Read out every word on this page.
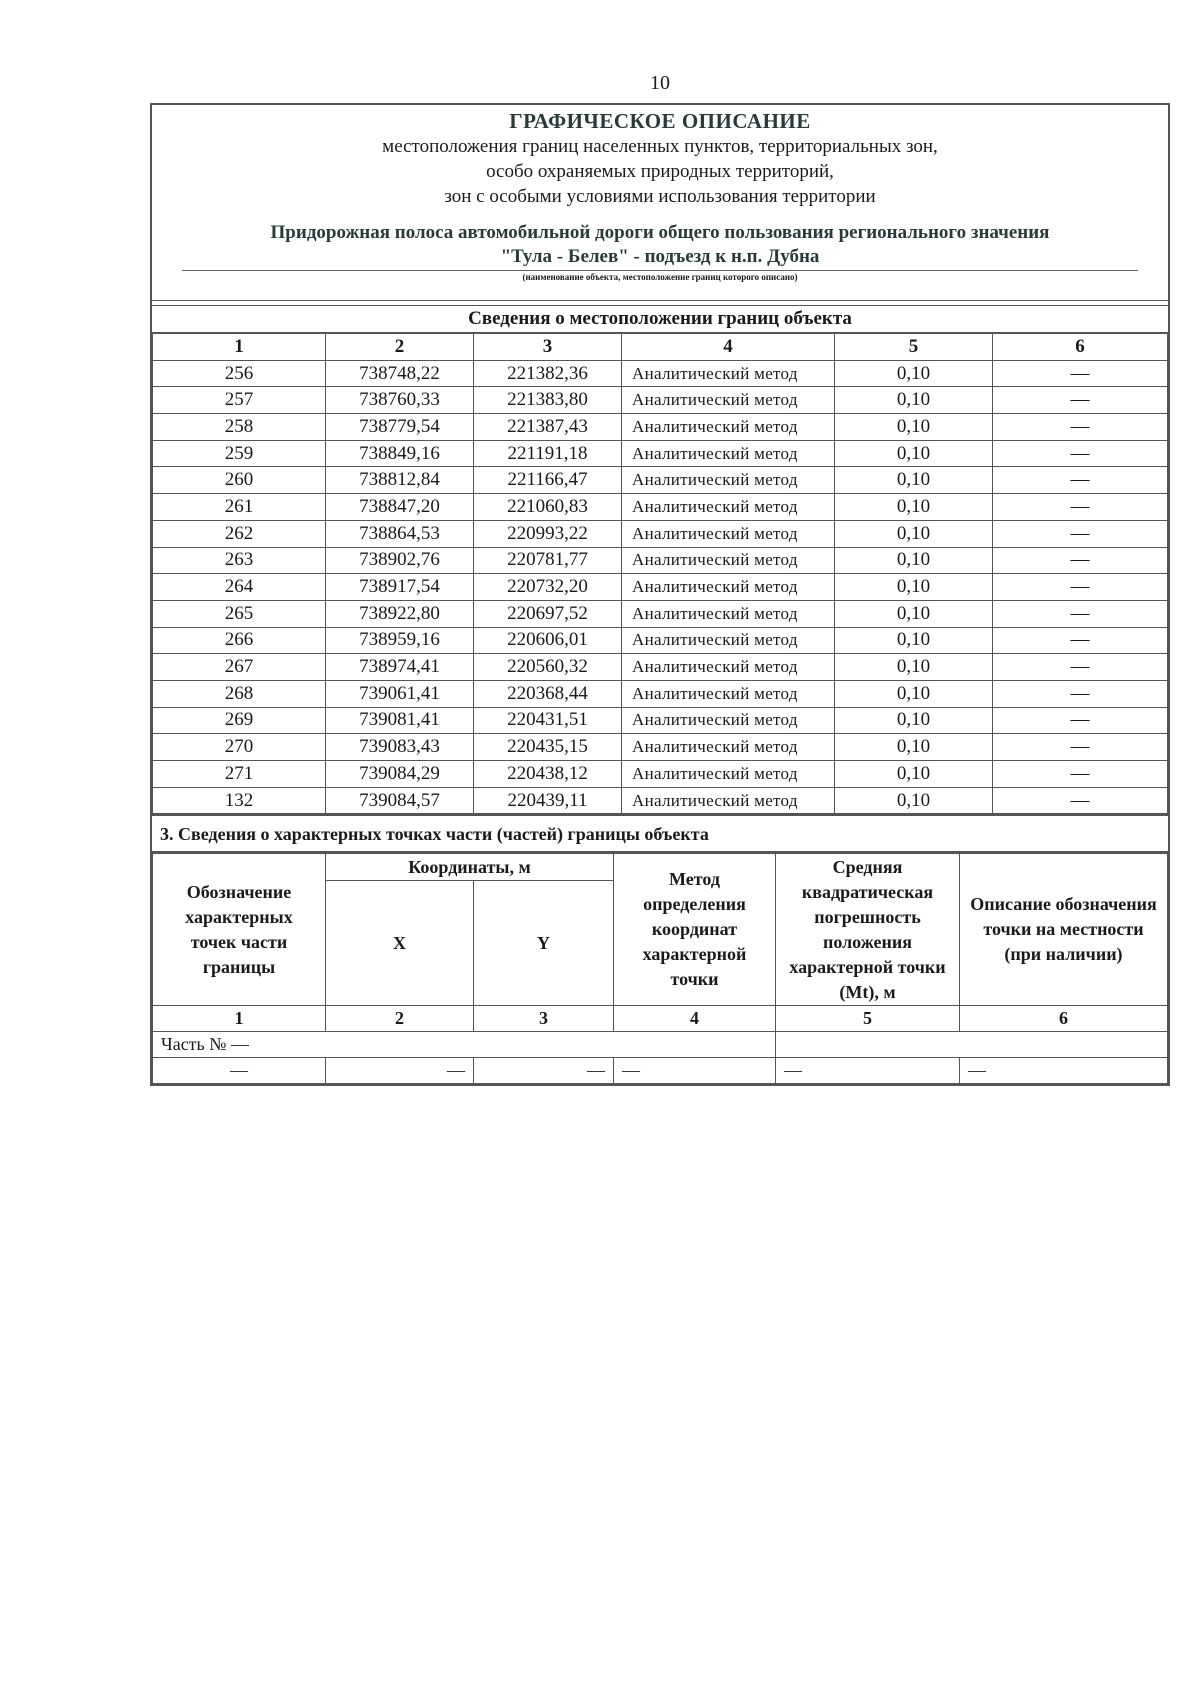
10
ГРАФИЧЕСКОЕ ОПИСАНИЕ
местоположения границ населенных пунктов, территориальных зон,
особо охраняемых природных территорий,
зон с особыми условиями использования территории
Придорожная полоса автомобильной дороги общего пользования регионального значения
"Тула - Белев" - подъезд к н.п. Дубна
(наименование объекта, местоположение границ которого описано)
Сведения о местоположении границ объекта
1	2	3	4	5	6
256	738748,22	221382,36	Аналитический метод	0,10	—
257	738760,33	221383,80	Аналитический метод	0,10	—
258	738779,54	221387,43	Аналитический метод	0,10	—
259	738849,16	221191,18	Аналитический метод	0,10	—
260	738812,84	221166,47	Аналитический метод	0,10	—
261	738847,20	221060,83	Аналитический метод	0,10	—
262	738864,53	220993,22	Аналитический метод	0,10	—
263	738902,76	220781,77	Аналитический метод	0,10	—
264	738917,54	220732,20	Аналитический метод	0,10	—
265	738922,80	220697,52	Аналитический метод	0,10	—
266	738959,16	220606,01	Аналитический метод	0,10	—
267	738974,41	220560,32	Аналитический метод	0,10	—
268	739061,41	220368,44	Аналитический метод	0,10	—
269	739081,41	220431,51	Аналитический метод	0,10	—
270	739083,43	220435,15	Аналитический метод	0,10	—
271	739084,29	220438,12	Аналитический метод	0,10	—
132	739084,57	220439,11	Аналитический метод	0,10	—
3. Сведения о характерных точках части (частей) границы объекта
Обозначение характерных точек части границы	Координаты, м		Метод определения координат характерной точки	Средняя квадратическая погрешность положения характерной точки (Mt), м	Описание обозначения точки на местности (при наличии)
	X	Y			
1	2	3	4	5	6
Часть № —					
—	—	—	—	—	—
